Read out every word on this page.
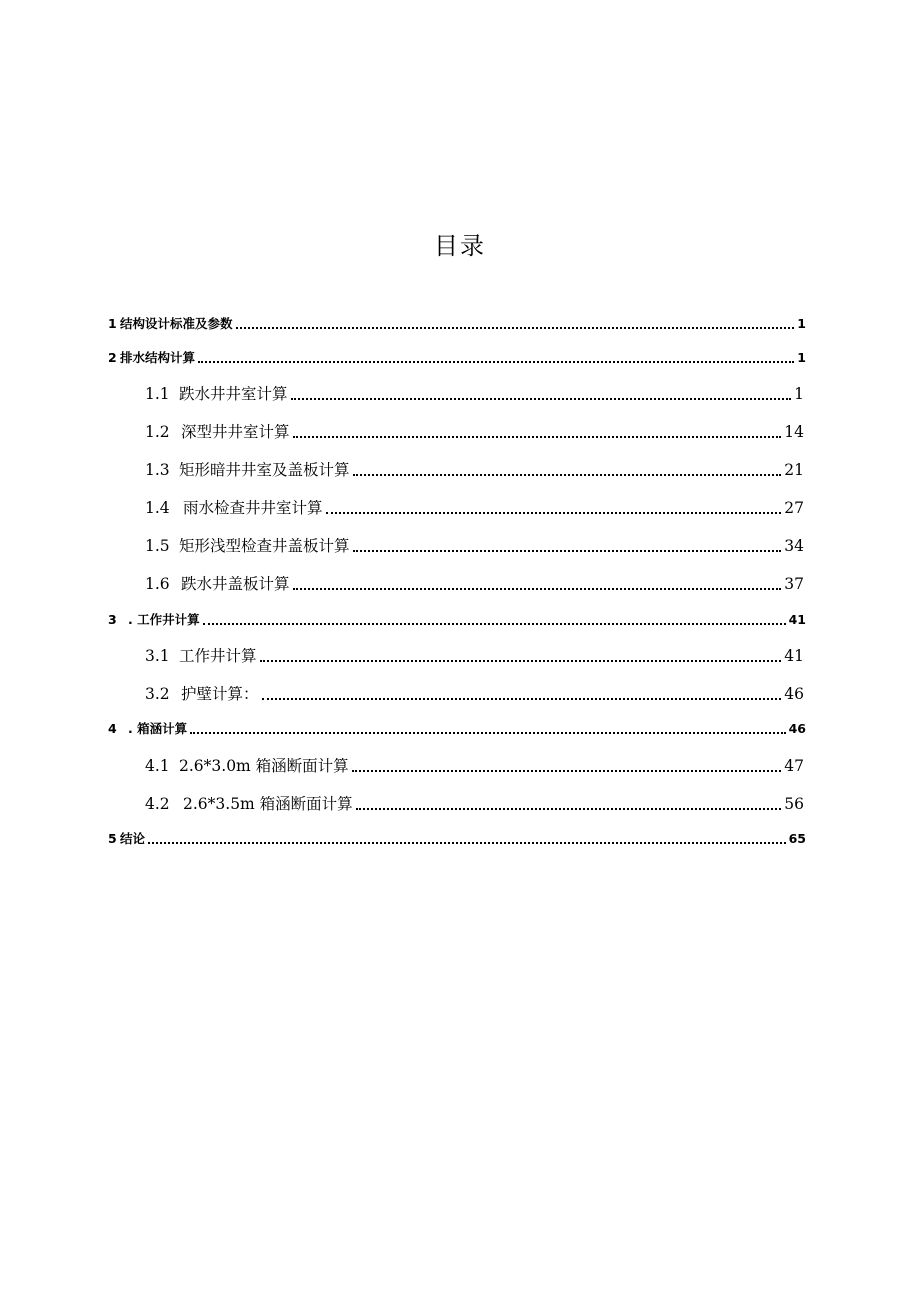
目录
1 结构设计标准及参数	1
2 排水结构计算	1
1.1 跌水井井室计算	1
1.2 深型井井室计算	14
1.3 矩形暗井井室及盖板计算	21
1.4 雨水检查井井室计算	27
1.5 矩形浅型检查井盖板计算	34
1.6 跌水井盖板计算	37
3 . 工作井计算	41
3.1 工作井计算	41
3.2 护壁计算：	46
4 . 箱涵计算	46
4.1 2.6*3.0m 箱涵断面计算	47
4.2 2.6*3.5m 箱涵断面计算	56
5 结论	65
